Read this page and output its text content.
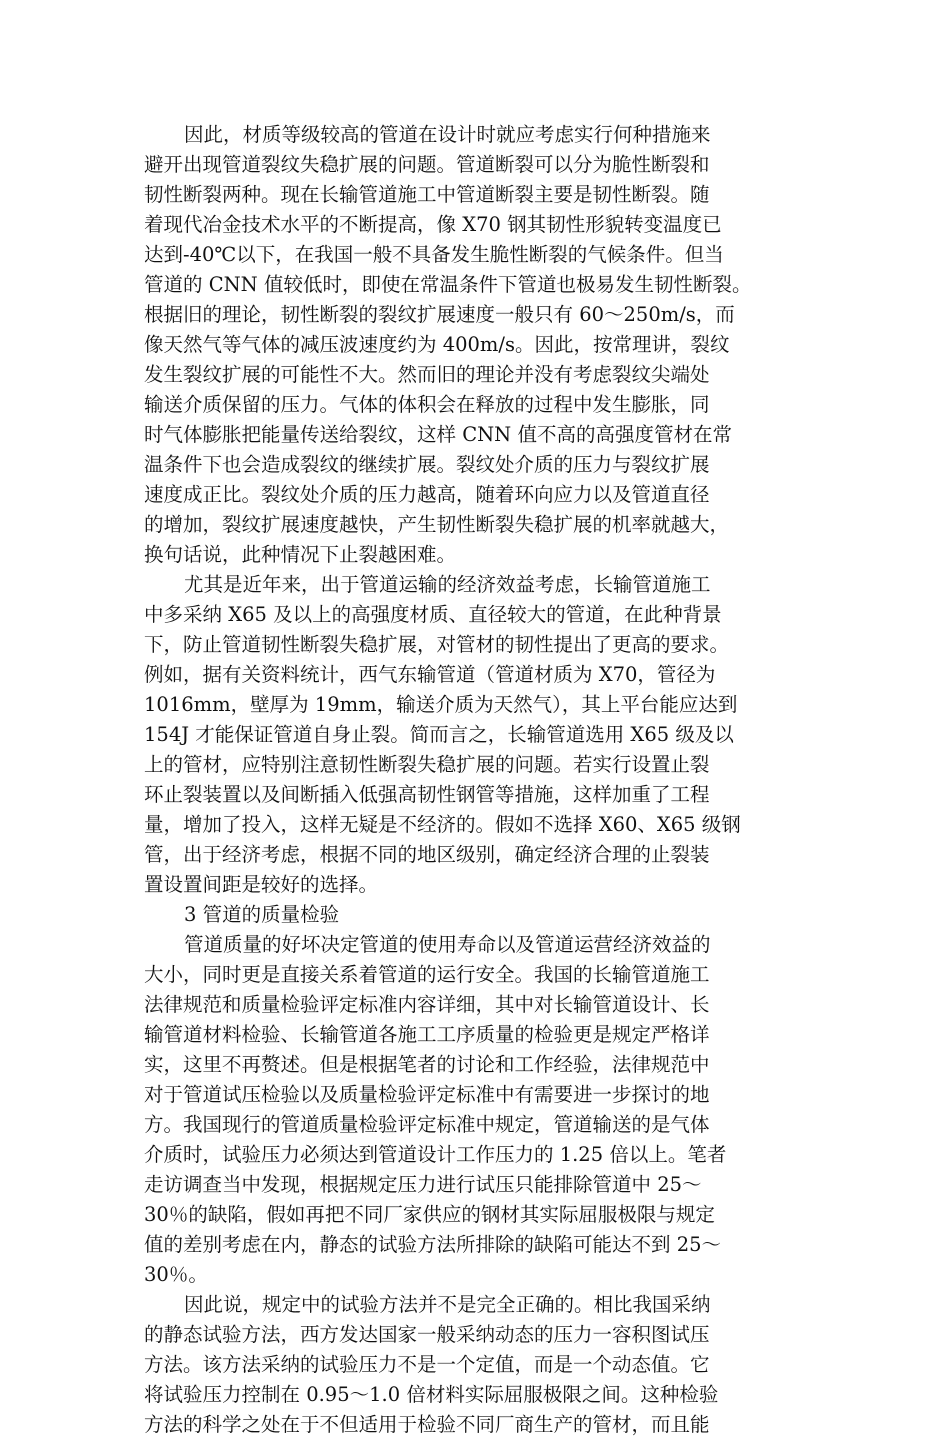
因此，材质等级较高的管道在设计时就应考虑实行何种措施来
避开出现管道裂纹失稳扩展的问题。管道断裂可以分为脆性断裂和
韧性断裂两种。现在长输管道施工中管道断裂主要是韧性断裂。随
着现代冶金技术水平的不断提高，像 X70 钢其韧性形貌转变温度已
达到-40℃以下，在我国一般不具备发生脆性断裂的气候条件。但当
管道的 CNN 值较低时，即使在常温条件下管道也极易发生韧性断裂。
根据旧的理论，韧性断裂的裂纹扩展速度一般只有 60～250m/s，而
像天然气等气体的减压波速度约为 400m/s。因此，按常理讲，裂纹
发生裂纹扩展的可能性不大。然而旧的理论并没有考虑裂纹尖端处
输送介质保留的压力。气体的体积会在释放的过程中发生膨胀，同
时气体膨胀把能量传送给裂纹，这样 CNN 值不高的高强度管材在常
温条件下也会造成裂纹的继续扩展。裂纹处介质的压力与裂纹扩展
速度成正比。裂纹处介质的压力越高，随着环向应力以及管道直径
的增加，裂纹扩展速度越快，产生韧性断裂失稳扩展的机率就越大，
换句话说，此种情况下止裂越困难。
尤其是近年来，出于管道运输的经济效益考虑，长输管道施工
中多采纳 X65 及以上的高强度材质、直径较大的管道，在此种背景
下，防止管道韧性断裂失稳扩展，对管材的韧性提出了更高的要求。
例如，据有关资料统计，西气东输管道（管道材质为 X70，管径为
1016mm，壁厚为 19mm，输送介质为天然气），其上平台能应达到
154J 才能保证管道自身止裂。简而言之，长输管道选用 X65 级及以
上的管材，应特别注意韧性断裂失稳扩展的问题。若实行设置止裂
环止裂装置以及间断插入低强高韧性钢管等措施，这样加重了工程
量，增加了投入，这样无疑是不经济的。假如不选择 X60、X65 级钢
管，出于经济考虑，根据不同的地区级别，确定经济合理的止裂装
置设置间距是较好的选择。
3 管道的质量检验
管道质量的好坏决定管道的使用寿命以及管道运营经济效益的
大小，同时更是直接关系着管道的运行安全。我国的长输管道施工
法律规范和质量检验评定标准内容详细，其中对长输管道设计、长
输管道材料检验、长输管道各施工工序质量的检验更是规定严格详
实，这里不再赘述。但是根据笔者的讨论和工作经验，法律规范中
对于管道试压检验以及质量检验评定标准中有需要进一步探讨的地
方。我国现行的管道质量检验评定标准中规定，管道输送的是气体
介质时，试验压力必须达到管道设计工作压力的 1.25 倍以上。笔者
走访调查当中发现，根据规定压力进行试压只能排除管道中 25～
30％的缺陷，假如再把不同厂家供应的钢材其实际屈服极限与规定
值的差别考虑在内，静态的试验方法所排除的缺陷可能达不到 25～
30％。
因此说，规定中的试验方法并不是完全正确的。相比我国采纳
的静态试验方法，西方发达国家一般采纳动态的压力一容积图试压
方法。该方法采纳的试验压力不是一个定值，而是一个动态值。它
将试验压力控制在 0.95～1.0 倍材料实际屈服极限之间。这种检验
方法的科学之处在于不但适用于检验不同厂商生产的管材，而且能
